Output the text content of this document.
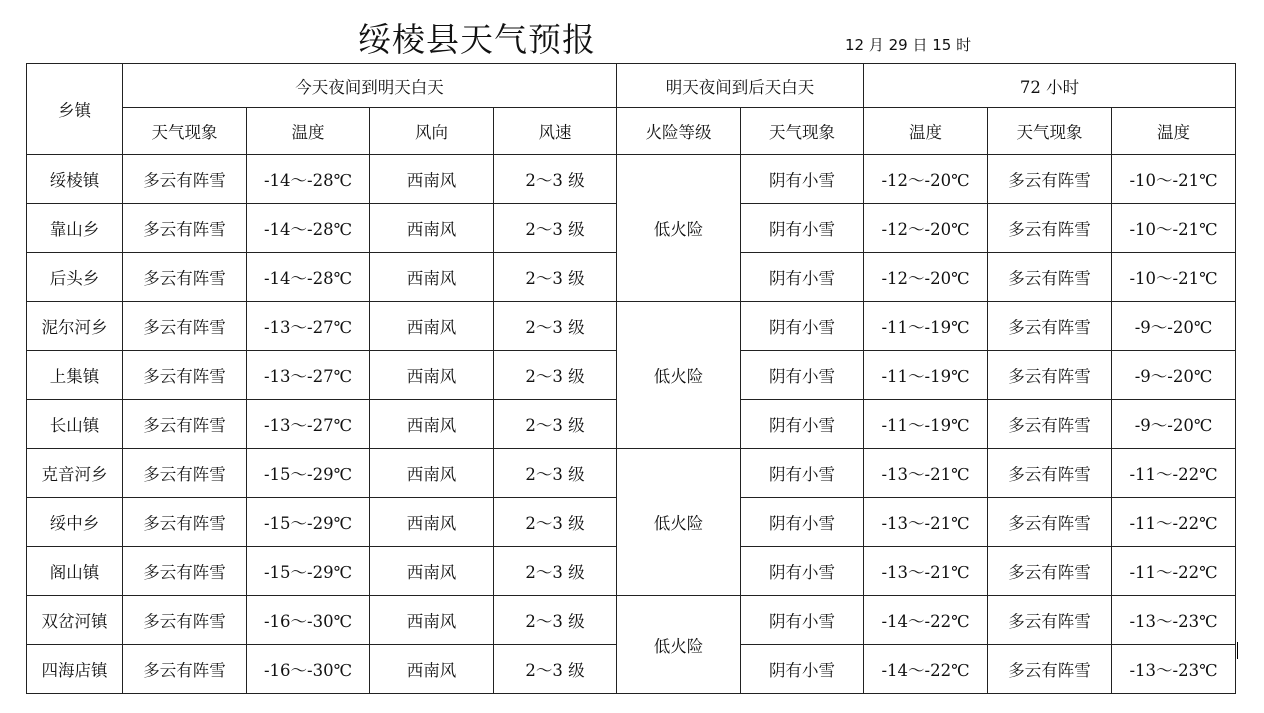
绥棱县天气预报	12 月 29 日 15 时
乡镇	今天夜间到明天白天				明天夜间到后天白天		72 小时		
	天气现象	温度	风向	风速	火险等级	天气现象	温度	天气现象	温度
绥棱镇	多云有阵雪	-14～-28℃	西南风	2～3 级	低火险	阴有小雪	-12～-20℃	多云有阵雪	-10～-21℃
靠山乡	多云有阵雪	-14～-28℃	西南风	2～3 级		阴有小雪	-12～-20℃	多云有阵雪	-10～-21℃
后头乡	多云有阵雪	-14～-28℃	西南风	2～3 级		阴有小雪	-12～-20℃	多云有阵雪	-10～-21℃
泥尔河乡	多云有阵雪	-13～-27℃	西南风	2～3 级	低火险	阴有小雪	-11～-19℃	多云有阵雪	-9～-20℃
上集镇	多云有阵雪	-13～-27℃	西南风	2～3 级		阴有小雪	-11～-19℃	多云有阵雪	-9～-20℃
长山镇	多云有阵雪	-13～-27℃	西南风	2～3 级		阴有小雪	-11～-19℃	多云有阵雪	-9～-20℃
克音河乡	多云有阵雪	-15～-29℃	西南风	2～3 级	低火险	阴有小雪	-13～-21℃	多云有阵雪	-11～-22℃
绥中乡	多云有阵雪	-15～-29℃	西南风	2～3 级		阴有小雪	-13～-21℃	多云有阵雪	-11～-22℃
阁山镇	多云有阵雪	-15～-29℃	西南风	2～3 级		阴有小雪	-13～-21℃	多云有阵雪	-11～-22℃
双岔河镇	多云有阵雪	-16～-30℃	西南风	2～3 级	低火险	阴有小雪	-14～-22℃	多云有阵雪	-13～-23℃
四海店镇	多云有阵雪	-16～-30℃	西南风	2～3 级		阴有小雪	-14～-22℃	多云有阵雪	-13～-23℃
